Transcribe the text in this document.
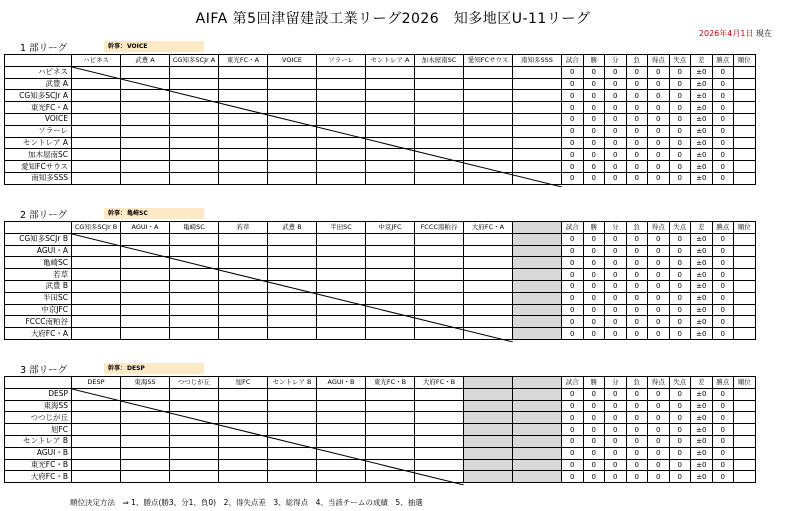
AIFA 第5回津留建設工業リーグ2026　知多地区U-11リーグ
2026年4月1日 現在
1 部リーグ	幹事：VOICE
	ハピネス	武豊 A	CG知多SCJr A	東光FC・A	VOICE	ソラーレ	セントレア A	加木屋南SC	愛知FCサウス	南知多SSS	試合	勝	分	負	得点	失点	差	勝点	順位
ハピネス											0	0	0	0	0	0	±0	0	
武豊 A											0	0	0	0	0	0	±0	0	
CG知多SCJr A											0	0	0	0	0	0	±0	0	
東光FC・A											0	0	0	0	0	0	±0	0	
VOICE											0	0	0	0	0	0	±0	0	
ソラーレ											0	0	0	0	0	0	±0	0	
セントレア A											0	0	0	0	0	0	±0	0	
加木屋南SC											0	0	0	0	0	0	±0	0	
愛知FCサウス											0	0	0	0	0	0	±0	0	
南知多SSS											0	0	0	0	0	0	±0	0	
2 部リーグ	幹事：亀崎SC
	CG知多SCJr B	AGUI・A	亀崎SC	若草	武豊 B	半田SC	中京JFC	FCCC南粕谷	大府FC・A		試合	勝	分	負	得点	失点	差	勝点	順位
CG知多SCJr B											0	0	0	0	0	0	±0	0	
AGUI・A											0	0	0	0	0	0	±0	0	
亀崎SC											0	0	0	0	0	0	±0	0	
若草											0	0	0	0	0	0	±0	0	
武豊 B											0	0	0	0	0	0	±0	0	
半田SC											0	0	0	0	0	0	±0	0	
中京JFC											0	0	0	0	0	0	±0	0	
FCCC南粕谷											0	0	0	0	0	0	±0	0	
大府FC・A											0	0	0	0	0	0	±0	0	
3 部リーグ	幹事：DESP
	DESP	東海SS	つつじが丘	旭FC	セントレア B	AGUI・B	東光FC・B	大府FC・B			試合	勝	分	負	得点	失点	差	勝点	順位
DESP											0	0	0	0	0	0	±0	0	
東海SS											0	0	0	0	0	0	±0	0	
つつじが丘											0	0	0	0	0	0	±0	0	
旭FC											0	0	0	0	0	0	±0	0	
セントレア B											0	0	0	0	0	0	±0	0	
AGUI・B											0	0	0	0	0	0	±0	0	
東光FC・B											0	0	0	0	0	0	±0	0	
大府FC・B											0	0	0	0	0	0	±0	0	
順位決定方法　⇒ 1、勝点(勝3、分1、負0)　2、得失点差　3、総得点　4、当該チームの成績　5、抽選
